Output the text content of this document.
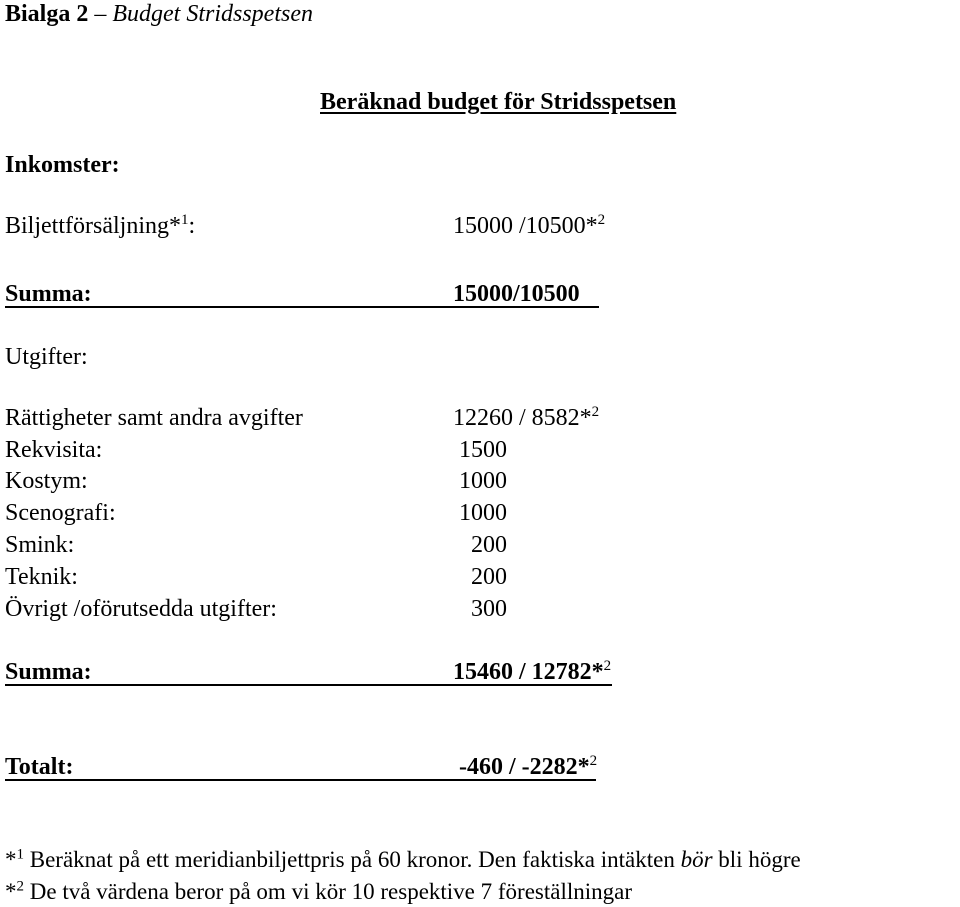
Bialga 2 – Budget Stridsspetsen
Beräknad budget för Stridsspetsen
Inkomster:
Biljettförsäljning*$^1$:	15000 /10500*$^2$
Summa:	15000/10500
Utgifter:
Rättigheter samt andra avgifter	12260 / 8582*$^2$
Rekvisita:	1500
Kostym:	1000
Scenografi:	1000
Smink:	200
Teknik:	200
Övrigt /oförutsedda utgifter:	300
Summa:	15460 / 12782*$^2$
Totalt:	-460 / -2282*$^2$
*$^1$ Beräknat på ett meridianbiljettpris på 60 kronor. Den faktiska intäkten bör bli högre
*$^2$ De två värdena beror på om vi kör 10 respektive 7 föreställningar
